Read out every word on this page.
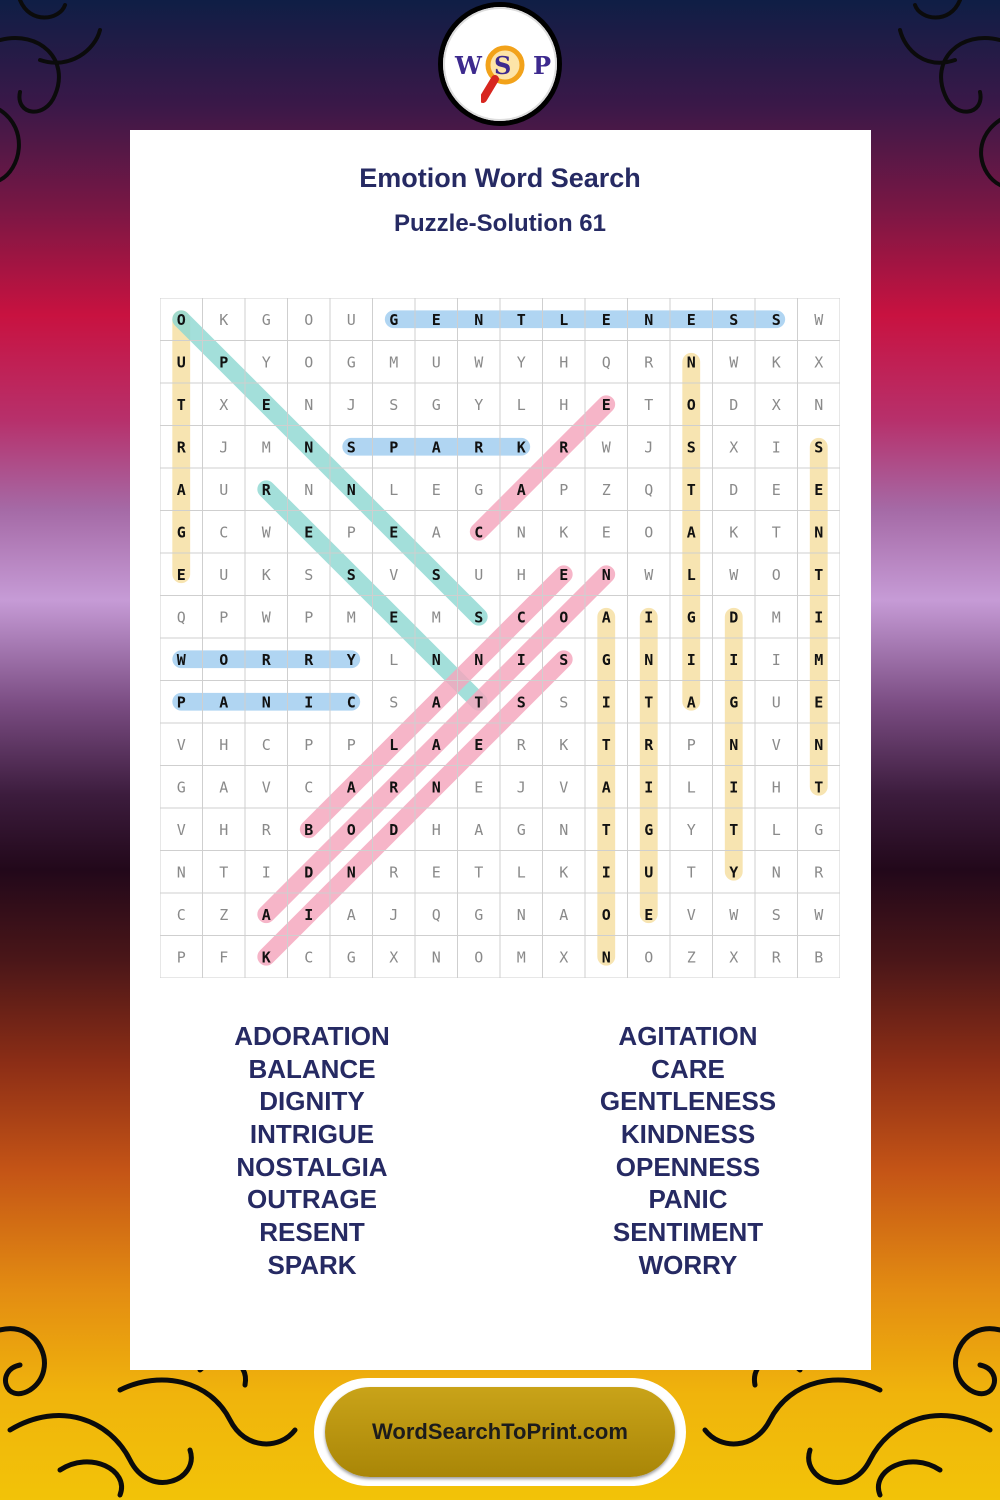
W S P
Emotion Word Search
Puzzle-Solution 61
O K G O U G E N T L E N E S S W
U P Y O G M U W Y H Q R N W K X
T X E N J S G Y L H E T O D X N
R J M N S P A R K R W J S X I S
A U R N N L E G A P Z Q T D E E
G C W E P E A C N K E O A K T N
E U K S S V S U H E N W L W O T
Q P W P M E M S C O A I G D M I
W O R R Y L N N I S G N I I I M
P A N I C S A T S S I T A G U E
V H C P P L A E R K T R P N V N
G A V C A R N E J V A I L I H T
V H R B O D H A G N T G Y T L G
N T I D N R E T L K I U T Y N R
C Z A I A J Q G N A O E V W S W
P F K C G X N O M X N O Z X R B
ADORATION
BALANCE
DIGNITY
INTRIGUE
NOSTALGIA
OUTRAGE
RESENT
SPARK
AGITATION
CARE
GENTLENESS
KINDNESS
OPENNESS
PANIC
SENTIMENT
WORRY
WordSearchToPrint.com
